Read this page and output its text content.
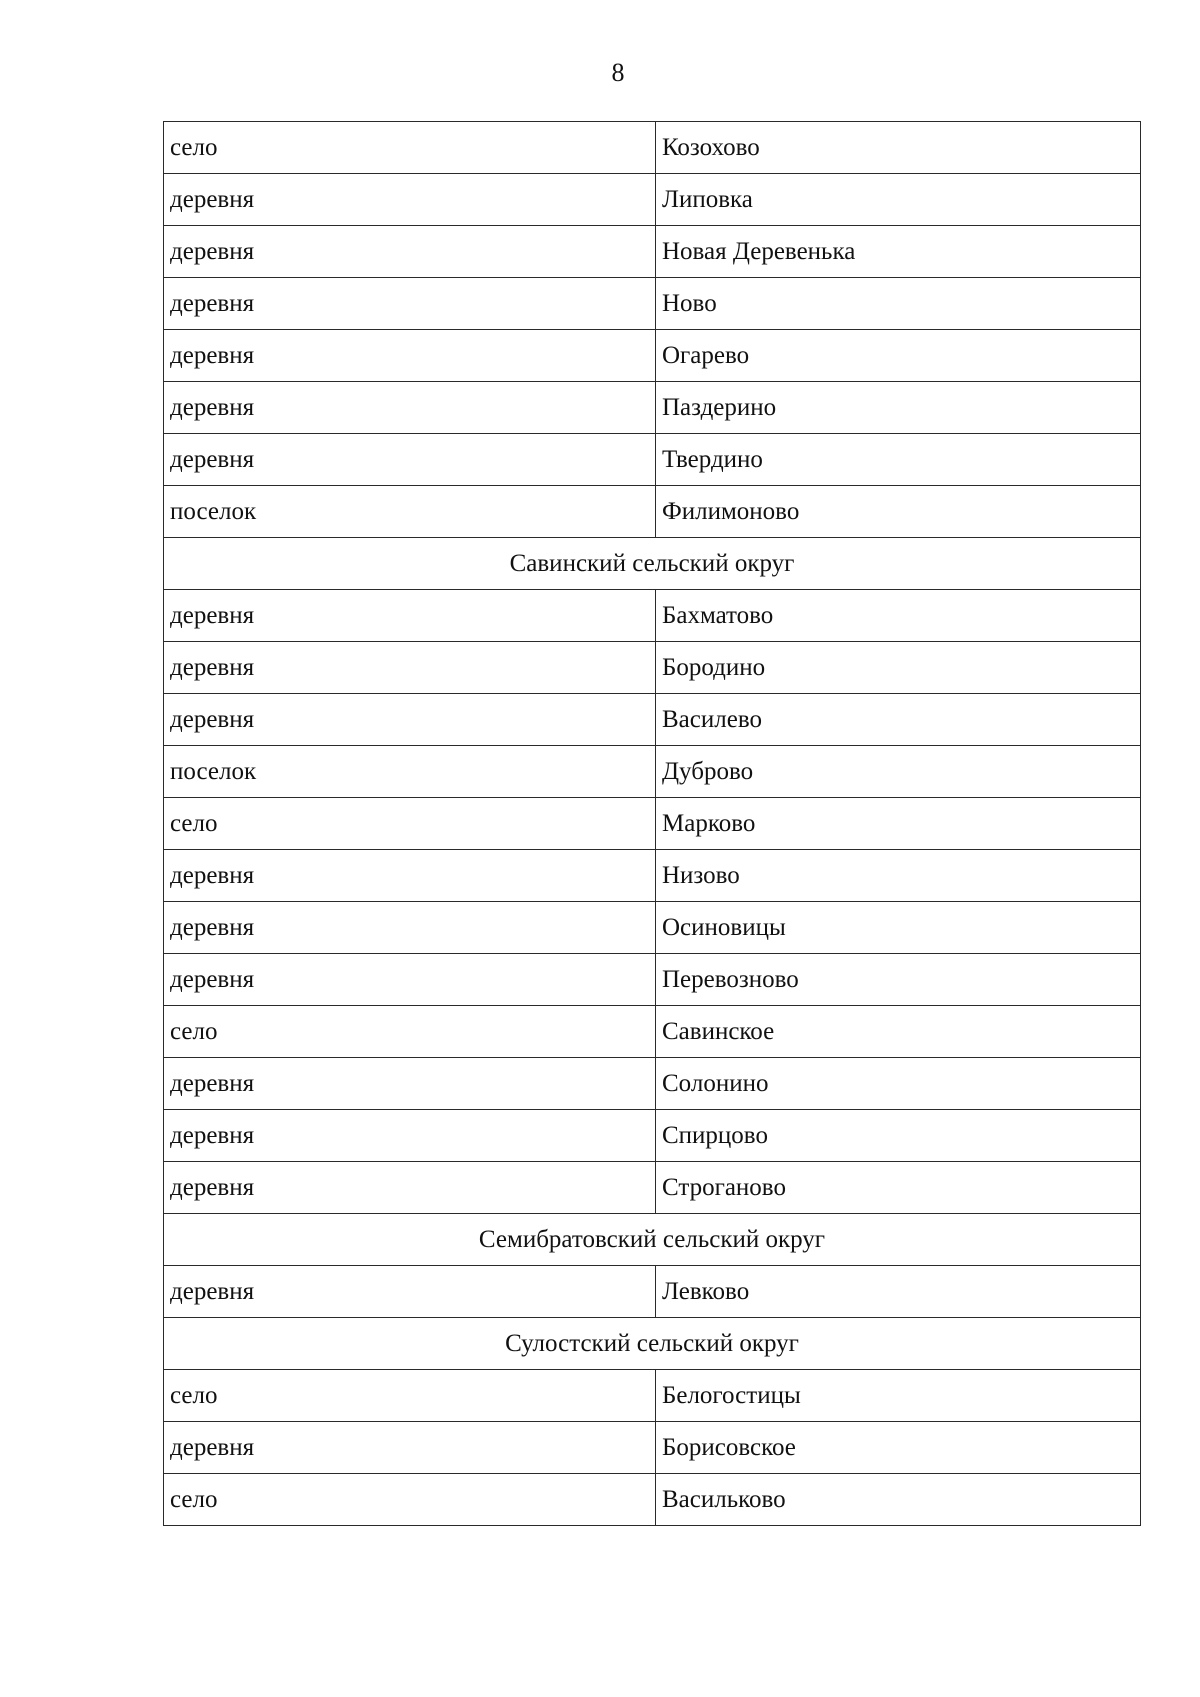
8
село	Козохово
деревня	Липовка
деревня	Новая Деревенька
деревня	Ново
деревня	Огарево
деревня	Паздерино
деревня	Твердино
поселок	Филимоново
Савинский сельский округ	
деревня	Бахматово
деревня	Бородино
деревня	Василево
поселок	Дуброво
село	Марково
деревня	Низово
деревня	Осиновицы
деревня	Перевозново
село	Савинское
деревня	Солонино
деревня	Спирцово
деревня	Строганово
Семибратовский сельский округ	
деревня	Левково
Сулостский сельский округ	
село	Белогостицы
деревня	Борисовское
село	Васильково
